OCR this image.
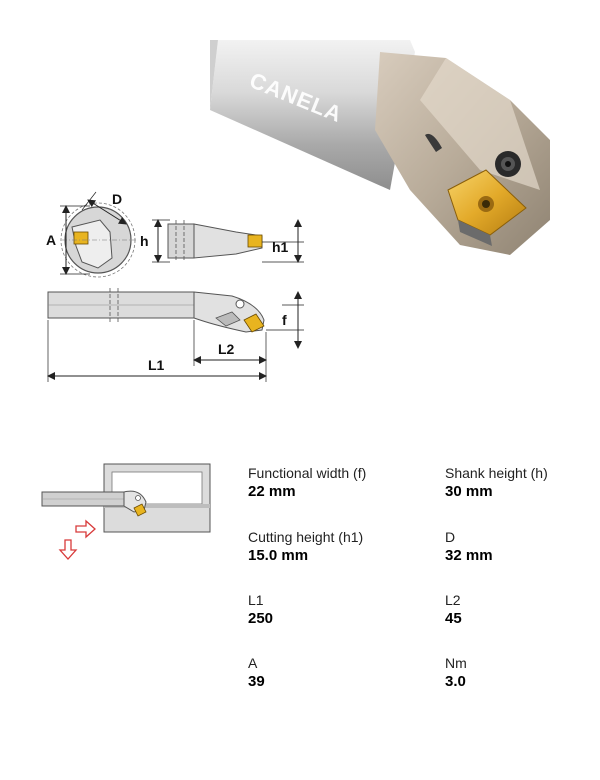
CANELA
A
D
h	h1
f
L2
L1
Functional width (f)
22 mm
Shank height (h)
30 mm
Cutting height (h1)
15.0 mm
D
32 mm
L1
250
L2
45
A
39
Nm
3.0
